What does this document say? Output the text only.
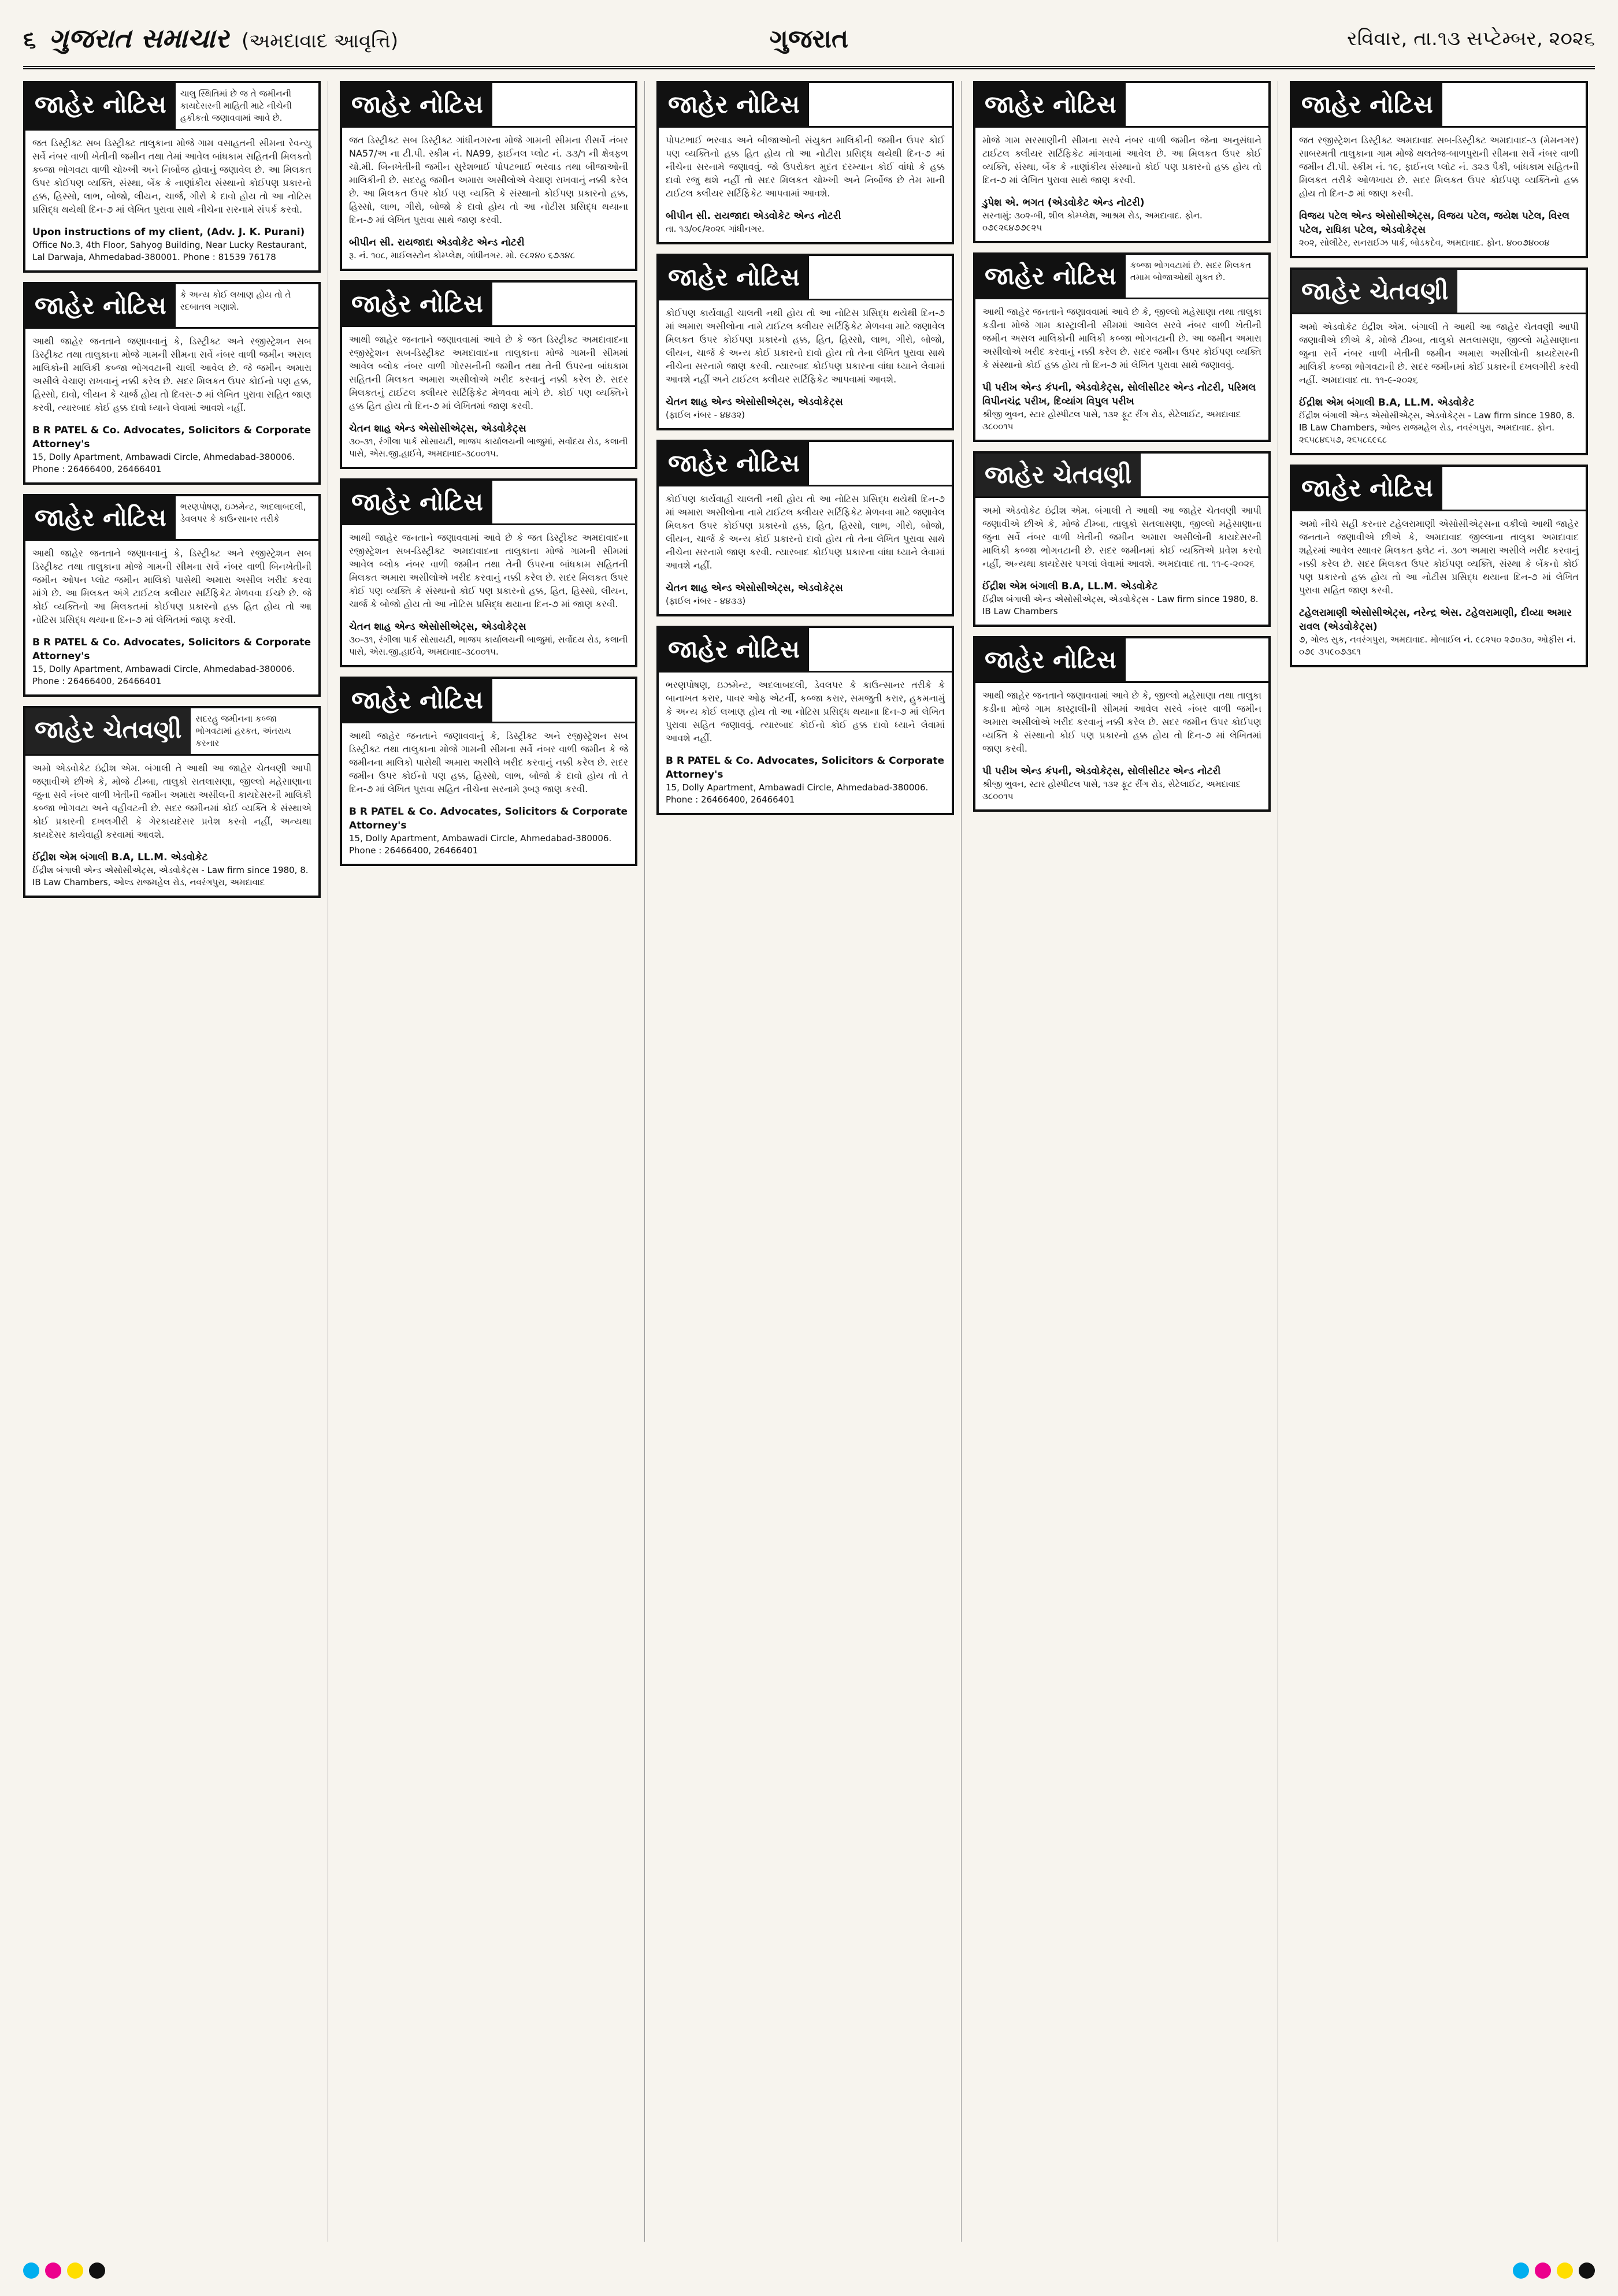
૬ ગુજરાત સમાચાર (અમદાવાદ આવૃત્તિ)	ગુજરાત	રવિવાર, તા.૧૩ સપ્ટેમ્બર, ૨૦૨૬
જાહેર નોટિસ	ચાલુ સ્થિતિમાં છે જ તે જમીનની કાયદેસરની માહિતી માટે નીચેની હકીકતો જણાવવામાં આવે છે.
જત ડિસ્ટ્રીક્ટ સબ ડિસ્ટ્રીક્ટ તાલુકાના મોજે ગામ વસાહતની સીમના રેવન્યુ સર્વે નંબર વાળી ખેતીની જમીન તથા તેમાં આવેલ બાંધકામ સહિતની મિલકતો કબ્જા ભોગવટા વાળી ચોખ્ખી અને નિર્બોજ હોવાનું જણાવેલ છે. આ મિલકત ઉપર કોઈપણ વ્યક્તિ, સંસ્થા, બેંક કે નાણાંકીય સંસ્થાનો કોઈપણ પ્રકારનો હક્ક, હિસ્સો, લાભ, બોજો, લીયન, ચાર્જ, ગીરો કે દાવો હોય તો આ નોટિસ પ્રસિદ્ધ થયેથી દિન-૭ માં લેખિત પુરાવા સાથે નીચેના સરનામે સંપર્ક કરવો.
Upon instructions of my client, (Adv. J. K. Purani)
Office No.3, 4th Floor, Sahyog Building, Near Lucky Restaurant, Lal Darwaja, Ahmedabad-380001. Phone : 81539 76178
જાહેર નોટિસ	કે અન્ય કોઈ લખાણ હોય તો તે રદબાતલ ગણાશે.
આથી જાહેર જનતાને જણાવવાનું કે, ડિસ્ટ્રીક્ટ અને રજીસ્ટ્રેશન સબ ડિસ્ટ્રીક્ટ તથા તાલુકાના મોજે ગામની સીમના સર્વે નંબર વાળી જમીન અસલ માલિકોની માલિકી કબ્જા ભોગવટાની ચાલી આવેલ છે. જે જમીન અમારા અસીલે વેચાણ રાખવાનું નક્કી કરેલ છે. સદર મિલકત ઉપર કોઈનો પણ હક્ક, હિસ્સો, દાવો, લીયન કે ચાર્જ હોય તો દિવસ-૭ માં લેખિત પુરાવા સહિત જાણ કરવી, ત્યારબાદ કોઈ હક્ક દાવો ધ્યાને લેવામાં આવશે નહીં.
B R PATEL & Co. Advocates, Solicitors & Corporate Attorney's
15, Dolly Apartment, Ambawadi Circle, Ahmedabad-380006. Phone : 26466400, 26466401
જાહેર નોટિસ	ભરણપોષણ, ઇઝમેન્ટ, અદલાબદલી, ડેવલપર કે કાઉન્સાનર તરીકે
આથી જાહેર જનતાને જણાવવાનું કે, ડિસ્ટ્રીક્ટ અને રજીસ્ટ્રેશન સબ ડિસ્ટ્રીક્ટ તથા તાલુકાના મોજે ગામની સીમના સર્વે નંબર વાળી બિનખેતીની જમીન ઓપન પ્લોટ જમીન માલિકો પાસેથી અમારા અસીલ ખરીદ કરવા માંગે છે. આ મિલકત અંગે ટાઈટલ ક્લીયર સર્ટિફિકેટ મેળવવા ઈચ્છે છે. જે કોઈ વ્યક્તિનો આ મિલકતમાં કોઈપણ પ્રકારનો હક્ક હિત હોય તો આ નોટિસ પ્રસિદ્ધ થયાના દિન-૭ માં લેખિતમાં જાણ કરવી.
B R PATEL & Co. Advocates, Solicitors & Corporate Attorney's
15, Dolly Apartment, Ambawadi Circle, Ahmedabad-380006. Phone : 26466400, 26466401
જાહેર ચેતવણી	સદરહુ જમીનના કબ્જા ભોગવટામાં હરકત, અંતરાય કરનાર
અમો એડવોકેટ ઇંદ્રીશ એમ. બંગાલી તે આથી આ જાહેર ચેતવણી આપી જણાવીએ છીએ કે, મોજે ટીમ્બા, તાલુકો સતલાસણા, જીલ્લો મહેસાણાના જુના સર્વે નંબર વાળી ખેતીની જમીન અમારા અસીલની કાયદેસરની માલિકી કબ્જા ભોગવટા અને વહીવટની છે. સદર જમીનમાં કોઈ વ્યક્તિ કે સંસ્થાએ કોઈ પ્રકારની દખલગીરી કે ગેરકાયદેસર પ્રવેશ કરવો નહીં, અન્યથા કાયદેસર કાર્યવાહી કરવામાં આવશે.
ઈંદ્રીશ એમ બંગાલી B.A, LL.M. એડવોકેટ
ઈંદ્રીશ બંગાલી એન્ડ એસોસીએટ્સ, એડવોકેટ્સ - Law firm since 1980, 8. IB Law Chambers, ઓલ્ડ રાજમહેલ રોડ, નવરંગપુરા, અમદાવાદ
જાહેર નોટિસ
જત ડિસ્ટ્રીક્ટ સબ ડિસ્ટ્રીક્ટ ગાંધીનગરના મોજે ગામની સીમના રીસર્વે નંબર NA57/અ ના ટી.પી. સ્કીમ નં. NA99, ફાઈનલ પ્લોટ નં. ૩૩/૧ ની ક્ષેત્રફળ ચો.મી. બિનખેતીની જમીન સુરેશભાઈ પોપટભાઈ ભરવાડ તથા બીજાઓની માલિકીની છે. સદરહુ જમીન અમારા અસીલોએ વેચાણ રાખવાનું નક્કી કરેલ છે. આ મિલકત ઉપર કોઈ પણ વ્યક્તિ કે સંસ્થાનો કોઈપણ પ્રકારનો હક્ક, હિસ્સો, લાભ, ગીરો, બોજો કે દાવો હોય તો આ નોટીસ પ્રસિદ્ધ થયાના દિન-૭ માં લેખિત પુરાવા સાથે જાણ કરવી.
બીપીન સી. રાયજાદા એડવોકેટ એન્ડ નોટરી
રૂ. નં. ૧૦૮, માઈલસ્ટોન કોમ્પ્લેક્ષ, ગાંધીનગર. મો. ૯૮૨૪૦ ૬૭૩૪૮
જાહેર નોટિસ
આથી જાહેર જનતાને જણાવવામાં આવે છે કે જત ડિસ્ટ્રીક્ટ અમદાવાદના રજીસ્ટ્રેશન સબ-ડિસ્ટ્રીક્ટ અમદાવાદના તાલુકાના મોજે ગામની સીમમાં આવેલ બ્લોક નંબર વાળી ગોરસનીની જમીન તથા તેની ઉપરના બાંધકામ સહિતની મિલકત અમારા અસીલોએ ખરીદ કરવાનું નક્કી કરેલ છે. સદર મિલકતનું ટાઈટલ ક્લીયર સર્ટિફિકેટ મેળવવા માંગે છે. કોઈ પણ વ્યક્તિને હક્ક હિત હોય તો દિન-૭ માં લેખિતમાં જાણ કરવી.
ચેતન શાહ એન્ડ એસોસીએટ્સ, એડવોકેટ્સ
૩૦-૩૧, રંગીલા પાર્ક સોસાયટી, ભાજપ કાર્યાલયની બાજુમાં, સર્વોદય રોડ, કલાની પાસે, એસ.જી.હાઈવે, અમદાવાદ-૩૮૦૦૧૫.
જાહેર નોટિસ
આથી જાહેર જનતાને જણાવવામાં આવે છે કે જત ડિસ્ટ્રીક્ટ અમદાવાદના રજીસ્ટ્રેશન સબ-ડિસ્ટ્રીક્ટ અમદાવાદના તાલુકાના મોજે ગામની સીમમાં આવેલ બ્લોક નંબર વાળી જમીન તથા તેની ઉપરના બાંધકામ સહિતની મિલકત અમારા અસીલોએ ખરીદ કરવાનું નક્કી કરેલ છે. સદર મિલકત ઉપર કોઈ પણ વ્યક્તિ કે સંસ્થાનો કોઈ પણ પ્રકારનો હક્ક, હિત, હિસ્સો, લીયન, ચાર્જ કે બોજો હોય તો આ નોટિસ પ્રસિદ્ધ થયાના દિન-૭ માં જાણ કરવી.
ચેતન શાહ એન્ડ એસોસીએટ્સ, એડવોકેટ્સ
૩૦-૩૧, રંગીલા પાર્ક સોસાયટી, ભાજપ કાર્યાલયની બાજુમાં, સર્વોદય રોડ, કલાની પાસે, એસ.જી.હાઈવે, અમદાવાદ-૩૮૦૦૧૫.
જાહેર નોટિસ
આથી જાહેર જનતાને જણાવવાનું કે, ડિસ્ટ્રીક્ટ અને રજીસ્ટ્રેશન સબ ડિસ્ટ્રીક્ટ તથા તાલુકાના મોજે ગામની સીમના સર્વે નંબર વાળી જમીન કે જે જમીનના માલિકો પાસેથી અમારા અસીલે ખરીદ કરવાનું નક્કી કરેલ છે. સદર જમીન ઉપર કોઈનો પણ હક્ક, હિસ્સો, લાભ, બોજો કે દાવો હોય તો તે દિન-૭ માં લેખિત પુરાવા સહિત નીચેના સરનામે રૂબરૂ જાણ કરવી.
B R PATEL & Co. Advocates, Solicitors & Corporate Attorney's
15, Dolly Apartment, Ambawadi Circle, Ahmedabad-380006. Phone : 26466400, 26466401
જાહેર નોટિસ
પોપટભાઈ ભરવાડ અને બીજાઓની સંયુક્ત માલિકીની જમીન ઉપર કોઈ પણ વ્યક્તિનો હક્ક હિત હોય તો આ નોટીસ પ્રસિદ્ધ થયેથી દિન-૭ માં નીચેના સરનામે જણાવવું. જો ઉપરોક્ત મુદત દરમ્યાન કોઈ વાંધો કે હક્ક દાવો રજુ થશે નહીં તો સદર મિલકત ચોખ્ખી અને નિર્બોજ છે તેમ માની ટાઈટલ ક્લીયર સર્ટિફિકેટ આપવામાં આવશે.
બીપીન સી. રાયજાદા એડવોકેટ એન્ડ નોટરી
તા. ૧૩/૦૯/૨૦૨૬ ગાંધીનગર.
જાહેર નોટિસ
કોઈપણ કાર્યવાહી ચાલતી નથી હોય તો આ નોટિસ પ્રસિદ્ધ થયેથી દિન-૭ માં અમારા અસીલોના નામે ટાઈટલ ક્લીયર સર્ટિફિકેટ મેળવવા માટે જણાવેલ મિલકત ઉપર કોઈપણ પ્રકારનો હક્ક, હિત, હિસ્સો, લાભ, ગીરો, બોજો, લીયન, ચાર્જ કે અન્ય કોઈ પ્રકારનો દાવો હોય તો તેના લેખિત પુરાવા સાથે નીચેના સરનામે જાણ કરવી. ત્યારબાદ કોઈપણ પ્રકારના વાંધા ધ્યાને લેવામાં આવશે નહીં અને ટાઈટલ ક્લીયર સર્ટિફિકેટ આપવામાં આવશે.
ચેતન શાહ એન્ડ એસોસીએટ્સ, એડવોકેટ્સ
(ફાઈલ નંબર - ૪૪૩૨)
જાહેર નોટિસ
કોઈપણ કાર્યવાહી ચાલતી નથી હોય તો આ નોટિસ પ્રસિદ્ધ થયેથી દિન-૭ માં અમારા અસીલોના નામે ટાઈટલ ક્લીયર સર્ટિફિકેટ મેળવવા માટે જણાવેલ મિલકત ઉપર કોઈપણ પ્રકારનો હક્ક, હિત, હિસ્સો, લાભ, ગીરો, બોજો, લીયન, ચાર્જ કે અન્ય કોઈ પ્રકારનો દાવો હોય તો તેના લેખિત પુરાવા સાથે નીચેના સરનામે જાણ કરવી. ત્યારબાદ કોઈપણ પ્રકારના વાંધા ધ્યાને લેવામાં આવશે નહીં.
ચેતન શાહ એન્ડ એસોસીએટ્સ, એડવોકેટ્સ
(ફાઈલ નંબર - ૪૪૩૩)
જાહેર નોટિસ
ભરણપોષણ, ઇઝમેન્ટ, અદલાબદલી, ડેવલપર કે કાઉન્સાનર તરીકે કે બાનાખત કરાર, પાવર ઓફ એટર્ની, કબ્જા કરાર, સમજુતી કરાર, હુકમનામું કે અન્ય કોઈ લખાણ હોય તો આ નોટિસ પ્રસિદ્ધ થયાના દિન-૭ માં લેખિત પુરાવા સહિત જણાવવું. ત્યારબાદ કોઈનો કોઈ હક્ક દાવો ધ્યાને લેવામાં આવશે નહીં.
B R PATEL & Co. Advocates, Solicitors & Corporate Attorney's
15, Dolly Apartment, Ambawadi Circle, Ahmedabad-380006. Phone : 26466400, 26466401
જાહેર નોટિસ
મોજે ગામ સરસાણીની સીમના સરવે નંબર વાળી જમીન જેના અનુસંધાને ટાઈટલ ક્લીયર સર્ટિફિકેટ માંગવામાં આવેલ છે. આ મિલકત ઉપર કોઈ વ્યક્તિ, સંસ્થા, બેંક કે નાણાંકીય સંસ્થાનો કોઈ પણ પ્રકારનો હક્ક હોય તો દિન-૭ માં લેખિત પુરાવા સાથે જાણ કરવી.
ડુપેશ એ. ભગત (એડવોકેટ એન્ડ નોટરી)
સરનામું: ૩૦૨-બી, શીલ કોમ્પ્લેક્ષ, આશ્રમ રોડ, અમદાવાદ. ફોન. ૦૭૯૨૬૪૭૭૯૨૫
જાહેર નોટિસ	કબ્જા ભોગવટામાં છે. સદર મિલકત તમામ બોજાઓથી મુક્ત છે.
આથી જાહેર જનતાને જણાવવામાં આવે છે કે, જીલ્લો મહેસાણા તથા તાલુકા કડીના મોજે ગામ કાસ્ટ્રાલીની સીમમાં આવેલ સરવે નંબર વાળી ખેતીની જમીન અસલ માલિકોની માલિકી કબ્જા ભોગવટાની છે. આ જમીન અમારા અસીલોએ ખરીદ કરવાનું નક્કી કરેલ છે. સદર જમીન ઉપર કોઈપણ વ્યક્તિ કે સંસ્થાનો કોઈ હક્ક હોય તો દિન-૭ માં લેખિત પુરાવા સાથે જણાવવું.
પી પરીખ એન્ડ કંપની, એડવોકેટ્સ, સોલીસીટર એન્ડ નોટરી, પરિમલ વિપીનચંદ્ર પરીખ, દિવ્યાંગ વિપુલ પરીખ
શ્રીજી ભુવન, સ્ટાર હોસ્પીટલ પાસે, ૧૩૨ ફૂટ રીંગ રોડ, સેટેલાઈટ, અમદાવાદ ૩૮૦૦૧૫
જાહેર ચેતવણી
અમો એડવોકેટ ઇંદ્રીશ એમ. બંગાલી તે આથી આ જાહેર ચેતવણી આપી જણાવીએ છીએ કે, મોજે ટીમ્બા, તાલુકો સતલાસણા, જીલ્લો મહેસાણાના જુના સર્વે નંબર વાળી ખેતીની જમીન અમારા અસીલોની કાયદેસરની માલિકી કબ્જા ભોગવટાની છે. સદર જમીનમાં કોઈ વ્યક્તિએ પ્રવેશ કરવો નહીં, અન્યથા કાયદેસર પગલાં લેવામાં આવશે. અમદાવાદ તા. ૧૧-૯-૨૦૨૬
ઈંદ્રીશ એમ બંગાલી B.A, LL.M. એડવોકેટ
ઈંદ્રીશ બંગાલી એન્ડ એસોસીએટ્સ, એડવોકેટ્સ - Law firm since 1980, 8. IB Law Chambers
જાહેર નોટિસ
આથી જાહેર જનતાને જણાવવામાં આવે છે કે, જીલ્લો મહેસાણા તથા તાલુકા કડીના મોજે ગામ કાસ્ટ્રાલીની સીમમાં આવેલ સરવે નંબર વાળી જમીન અમારા અસીલોએ ખરીદ કરવાનું નક્કી કરેલ છે. સદર જમીન ઉપર કોઈપણ વ્યક્તિ કે સંસ્થાનો કોઈ પણ પ્રકારનો હક્ક હોય તો દિન-૭ માં લેખિતમાં જાણ કરવી.
પી પરીખ એન્ડ કંપની, એડવોકેટ્સ, સોલીસીટર એન્ડ નોટરી
શ્રીજી ભુવન, સ્ટાર હોસ્પીટલ પાસે, ૧૩૨ ફૂટ રીંગ રોડ, સેટેલાઈટ, અમદાવાદ ૩૮૦૦૧૫
જાહેર નોટિસ
જત રજીસ્ટ્રેશન ડિસ્ટ્રીક્ટ અમદાવાદ સબ-ડિસ્ટ્રીક્ટ અમદાવાદ-૩ (મેમનગર) સાબરમતી તાલુકાના ગામ મોજે થલતેજ-બાળપુરાની સીમના સર્વે નંબર વાળી જમીન ટી.પી. સ્કીમ નં. ૧૯, ફાઈનલ પ્લોટ નં. ૩૨૩ પૈકી, બાંધકામ સહિતની મિલકત તરીકે ઓળખાય છે. સદર મિલકત ઉપર કોઈપણ વ્યક્તિનો હક્ક હોય તો દિન-૭ માં જાણ કરવી.
વિજય પટેલ એન્ડ એસોસીએટ્સ, વિજય પટેલ, જયેશ પટેલ, વિરલ પટેલ, રાધિકા પટેલ, એડવોકેટ્સ
૨૦૨, સોલીટેર, સનરાઈઝ પાર્ક, બોડકદેવ, અમદાવાદ. ફોન. ૪૦૦૭૪૦૦૪
જાહેર ચેતવણી
અમો એડવોકેટ ઇંદ્રીશ એમ. બંગાલી તે આથી આ જાહેર ચેતવણી આપી જણાવીએ છીએ કે, મોજે ટીમ્બા, તાલુકો સતલાસણા, જીલ્લો મહેસાણાના જુના સર્વે નંબર વાળી ખેતીની જમીન અમારા અસીલોની કાયદેસરની માલિકી કબ્જા ભોગવટાની છે. સદર જમીનમાં કોઈ પ્રકારની દખલગીરી કરવી નહીં. અમદાવાદ તા. ૧૧-૯-૨૦૨૬
ઈંદ્રીશ એમ બંગાલી B.A, LL.M. એડવોકેટ
ઈંદ્રીશ બંગાલી એન્ડ એસોસીએટ્સ, એડવોકેટ્સ - Law firm since 1980, 8. IB Law Chambers, ઓલ્ડ રાજમહેલ રોડ, નવરંગપુરા, અમદાવાદ. ફોન. ૨૬૫૮૪૬૫૭, ૨૬૫૮૬૯૬૮
જાહેર નોટિસ
અમો નીચે સહી કરનાર ટહેલરામાણી એસોસીએટ્સના વકીલો આથી જાહેર જનતાને જણાવીએ છીએ કે, અમદાવાદ જીલ્લાના તાલુકા અમદાવાદ શહેરમાં આવેલ સ્થાવર મિલકત ફ્લેટ નં. ૩૦૧ અમારા અસીલે ખરીદ કરવાનું નક્કી કરેલ છે. સદર મિલકત ઉપર કોઈપણ વ્યક્તિ, સંસ્થા કે બેંકનો કોઈ પણ પ્રકારનો હક્ક હોય તો આ નોટીસ પ્રસિદ્ધ થયાના દિન-૭ માં લેખિત પુરાવા સહિત જાણ કરવી.
ટહેલરામાણી એસોસીએટ્સ, નરેન્દ્ર એસ. ટહેલરામાણી, દીવ્યા અમાર રાવલ (એડવોકેટ્સ)
૭, ગોલ્ડ સુક, નવરંગપુરા, અમદાવાદ. મોબાઈલ નં. ૯૮૨૫૦ ૨૭૦૩૦, ઓફીસ નં. ૦૭૯ ૩૫૯૦૭૩૬૧
